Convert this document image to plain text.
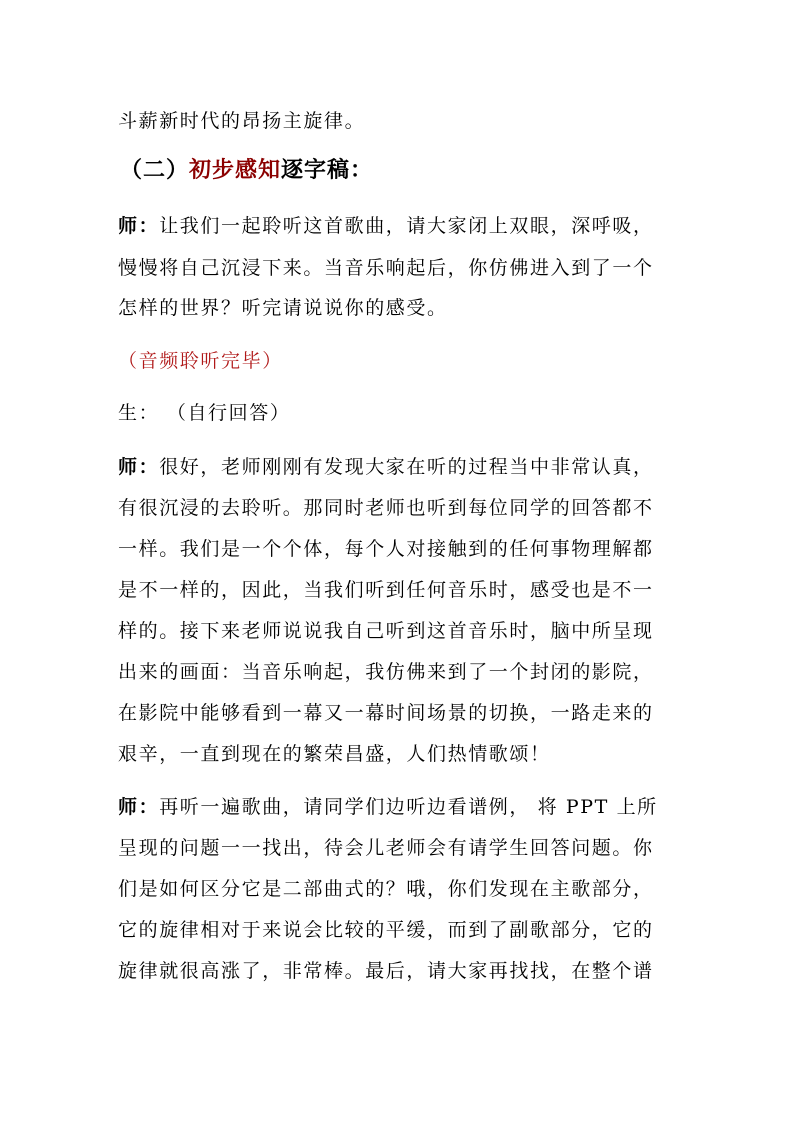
斗薪新时代的昂扬主旋律。
（二）初步感知逐字稿：
师：让我们一起聆听这首歌曲，请大家闭上双眼，深呼吸，
慢慢将自己沉浸下来。当音乐响起后，你仿佛进入到了一个
怎样的世界？听完请说说你的感受。
（音频聆听完毕）
生： （自行回答）
师：很好，老师刚刚有发现大家在听的过程当中非常认真，
有很沉浸的去聆听。那同时老师也听到每位同学的回答都不
一样。我们是一个个体，每个人对接触到的任何事物理解都
是不一样的，因此，当我们听到任何音乐时，感受也是不一
样的。接下来老师说说我自己听到这首音乐时，脑中所呈现
出来的画面：当音乐响起，我仿佛来到了一个封闭的影院，
在影院中能够看到一幕又一幕时间场景的切换，一路走来的
艰辛，一直到现在的繁荣昌盛，人们热情歌颂！
师：再听一遍歌曲，请同学们边听边看谱例， 将 PPT 上所
呈现的问题一一找出，待会儿老师会有请学生回答问题。你
们是如何区分它是二部曲式的？哦，你们发现在主歌部分，
它的旋律相对于来说会比较的平缓，而到了副歌部分，它的
旋律就很高涨了，非常棒。最后，请大家再找找，在整个谱
